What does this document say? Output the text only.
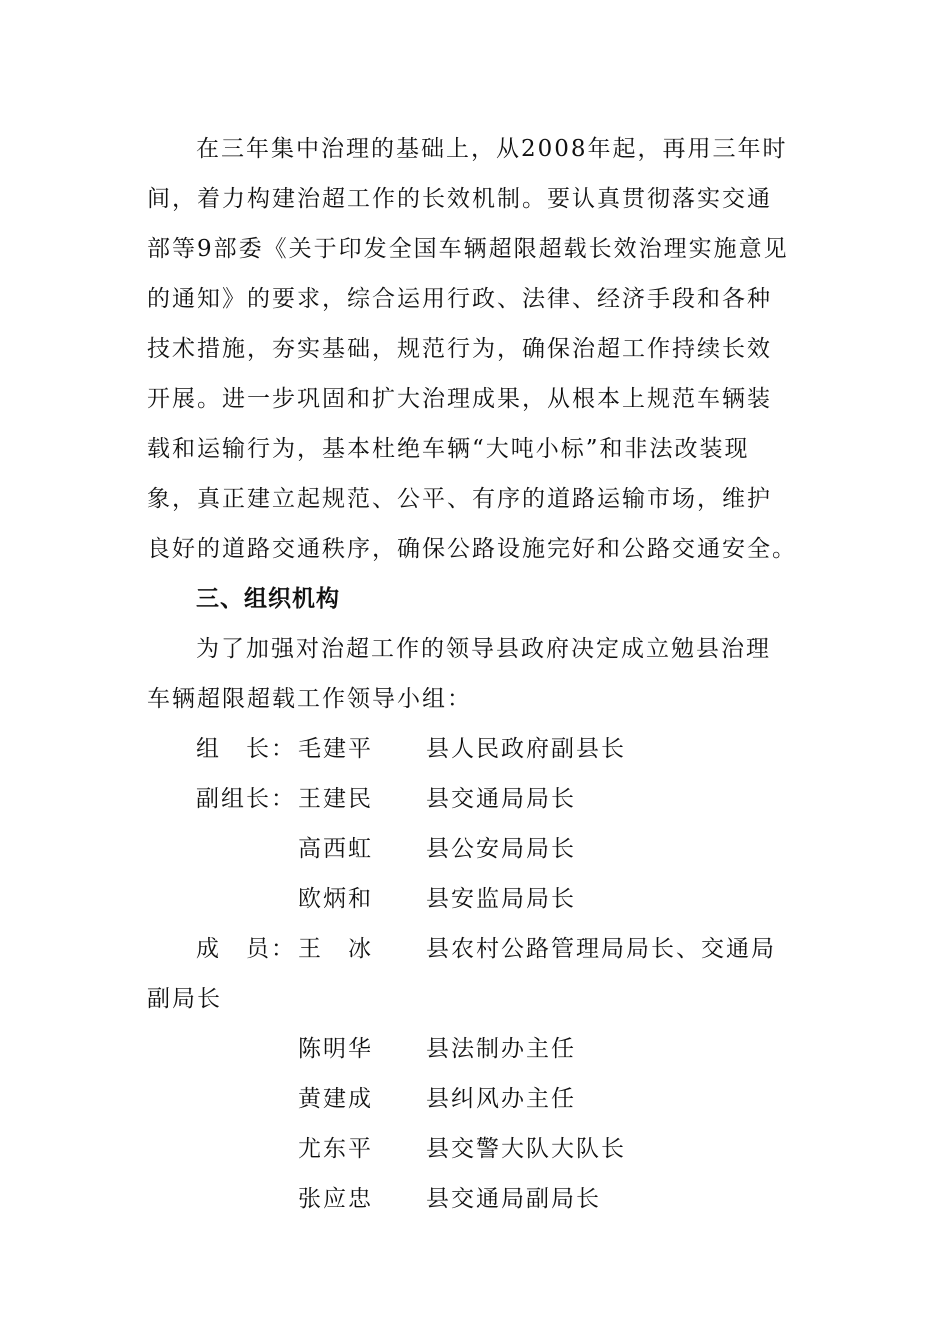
在三年集中治理的基础上，从2008年起，再用三年时
间，着力构建治超工作的长效机制。要认真贯彻落实交通
部等9部委《关于印发全国车辆超限超载长效治理实施意见
的通知》的要求，综合运用行政、法律、经济手段和各种
技术措施，夯实基础，规范行为，确保治超工作持续长效
开展。进一步巩固和扩大治理成果，从根本上规范车辆装
载和运输行为，基本杜绝车辆“大吨小标”和非法改装现
象，真正建立起规范、公平、有序的道路运输市场，维护
良好的道路交通秩序，确保公路设施完好和公路交通安全。
三、组织机构
为了加强对治超工作的领导县政府决定成立勉县治理
车辆超限超载工作领导小组：
组　长： 毛建平 县人民政府副县长
副组长： 王建民 县交通局局长
高西虹 县公安局局长
欧炳和 县安监局局长
成　员： 王　冰 县农村公路管理局局长、交通局
副局长
陈明华 县法制办主任
黄建成 县纠风办主任
尤东平 县交警大队大队长
张应忠 县交通局副局长
